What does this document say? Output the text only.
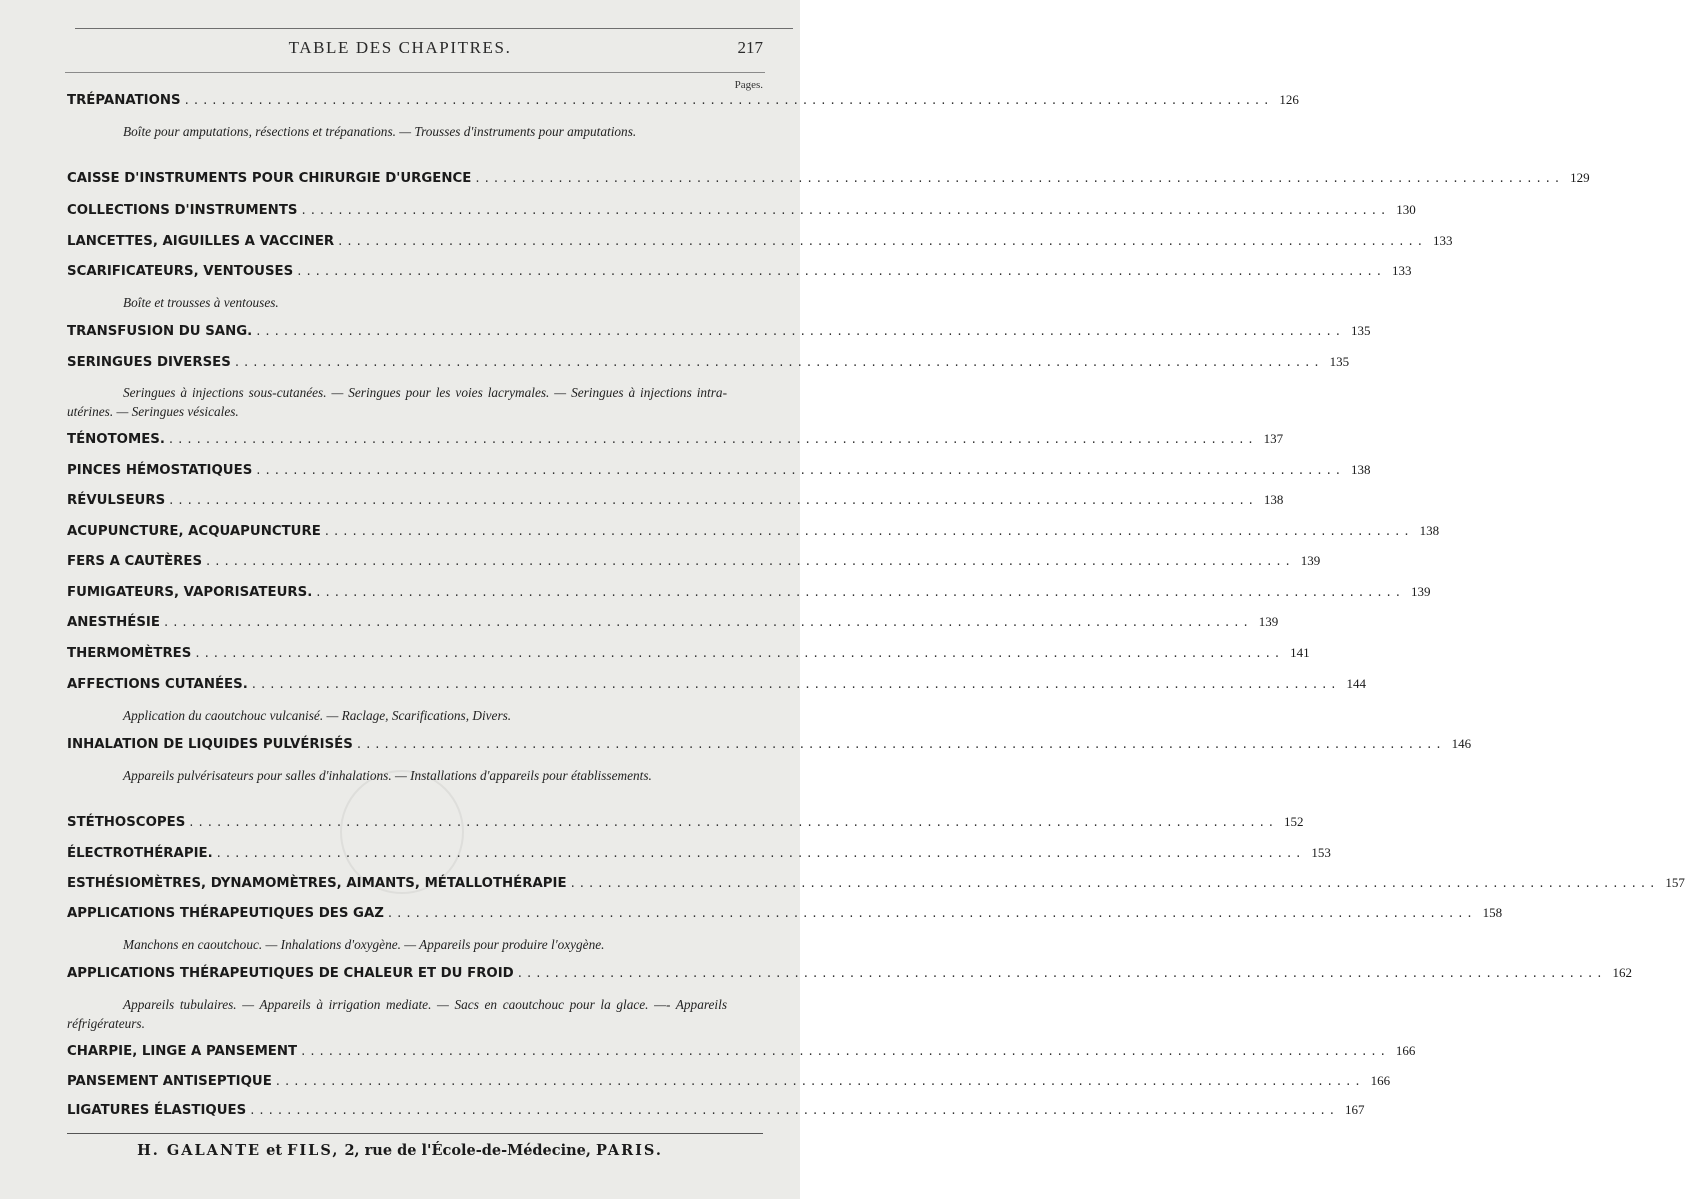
TABLE DES CHAPITRES.	217
Pages.
TRÉPANATIONS ...................................................................................................................... 126
Boîte pour amputations, résections et trépanations. — Trousses d'instruments pour amputations.
CAISSE D'INSTRUMENTS POUR CHIRURGIE D'URGENCE ...................................................................................................................... 129
COLLECTIONS D'INSTRUMENTS ...................................................................................................................... 130
LANCETTES, AIGUILLES A VACCINER ...................................................................................................................... 133
SCARIFICATEURS, VENTOUSES ...................................................................................................................... 133
Boîte et trousses à ventouses.
TRANSFUSION DU SANG. ...................................................................................................................... 135
SERINGUES DIVERSES ...................................................................................................................... 135
Seringues à injections sous-cutanées. — Seringues pour les voies lacrymales. — Seringues à injections intra-utérines. — Seringues vésicales.
TÉNOTOMES. ...................................................................................................................... 137
PINCES HÉMOSTATIQUES ...................................................................................................................... 138
RÉVULSEURS ...................................................................................................................... 138
ACUPUNCTURE, ACQUAPUNCTURE ...................................................................................................................... 138
FERS A CAUTÈRES ...................................................................................................................... 139
FUMIGATEURS, VAPORISATEURS. ...................................................................................................................... 139
ANESTHÉSIE ...................................................................................................................... 139
THERMOMÈTRES ...................................................................................................................... 141
AFFECTIONS CUTANÉES. ...................................................................................................................... 144
Application du caoutchouc vulcanisé. — Raclage, Scarifications, Divers.
INHALATION DE LIQUIDES PULVÉRISÉS ...................................................................................................................... 146
Appareils pulvérisateurs pour salles d'inhalations. — Installations d'appareils pour établissements.
STÉTHOSCOPES ...................................................................................................................... 152
ÉLECTROTHÉRAPIE. ...................................................................................................................... 153
ESTHÉSIOMÈTRES, DYNAMOMÈTRES, AIMANTS, MÉTALLOTHÉRAPIE ...................................................................................................................... 157
APPLICATIONS THÉRAPEUTIQUES DES GAZ ...................................................................................................................... 158
Manchons en caoutchouc. — Inhalations d'oxygène. — Appareils pour produire l'oxygène.
APPLICATIONS THÉRAPEUTIQUES DE CHALEUR ET DU FROID ...................................................................................................................... 162
Appareils tubulaires. — Appareils à irrigation mediate. — Sacs en caoutchouc pour la glace. —- Appareils réfrigérateurs.
CHARPIE, LINGE A PANSEMENT ...................................................................................................................... 166
PANSEMENT ANTISEPTIQUE ...................................................................................................................... 166
LIGATURES ÉLASTIQUES ...................................................................................................................... 167
H. GALANTE et FILS, 2, rue de l'École-de-Médecine, PARIS.
